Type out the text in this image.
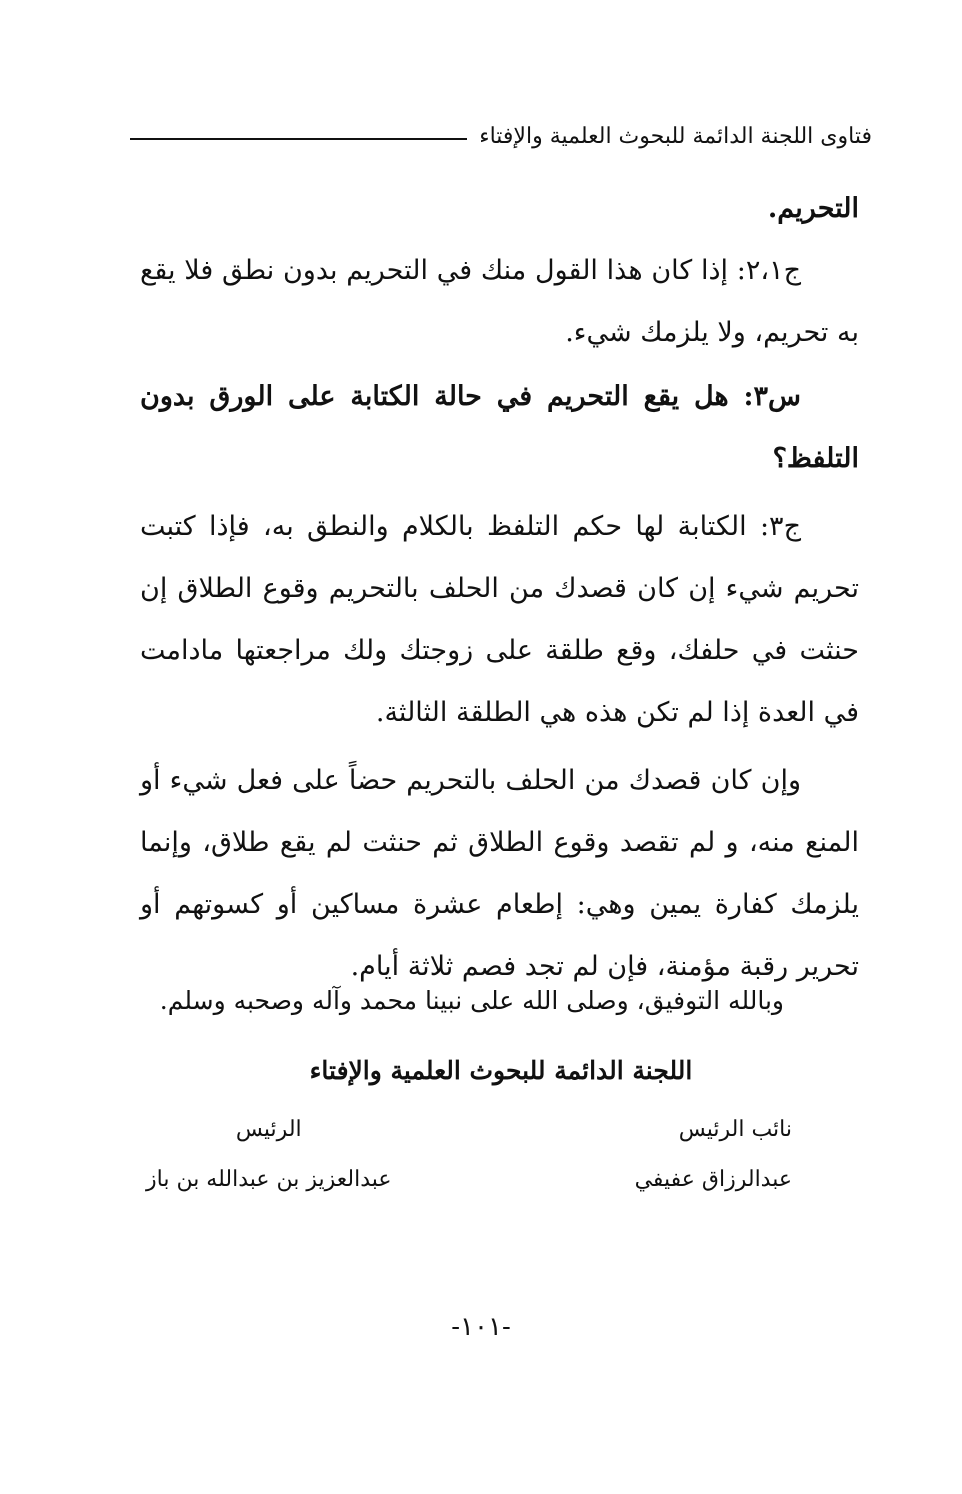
فتاوى اللجنة الدائمة للبحوث العلمية والإفتاء

التحريم.

ج٢،١: إذا كان هذا القول منك في التحريم بدون نطق فلا يقع به تحريم، ولا يلزمك شيء.

س٣: هل يقع التحريم في حالة الكتابة على الورق بدون التلفظ؟

ج٣: الكتابة لها حكم التلفظ بالكلام والنطق به، فإذا كتبت تحريم شيء إن كان قصدك من الحلف بالتحريم وقوع الطلاق إن حنثت في حلفك، وقع طلقة على زوجتك ولك مراجعتها مادامت في العدة إذا لم تكن هذه هي الطلقة الثالثة.

وإن كان قصدك من الحلف بالتحريم حضاً على فعل شيء أو المنع منه، و لم تقصد وقوع الطلاق ثم حنثت لم يقع طلاق، وإنما يلزمك كفارة يمين وهي: إطعام عشرة مساكين أو كسوتهم أو تحرير رقبة مؤمنة، فإن لم تجد فصم ثلاثة أيام.

وبالله التوفيق، وصلى الله على نبينا محمد وآله وصحبه وسلم.
اللجنة الدائمة للبحوث العلمية والإفتاء
نائب الرئيس
عبدالرزاق عفيفي
الرئيس
عبدالعزيز بن عبدالله بن باز
-١٠١-
